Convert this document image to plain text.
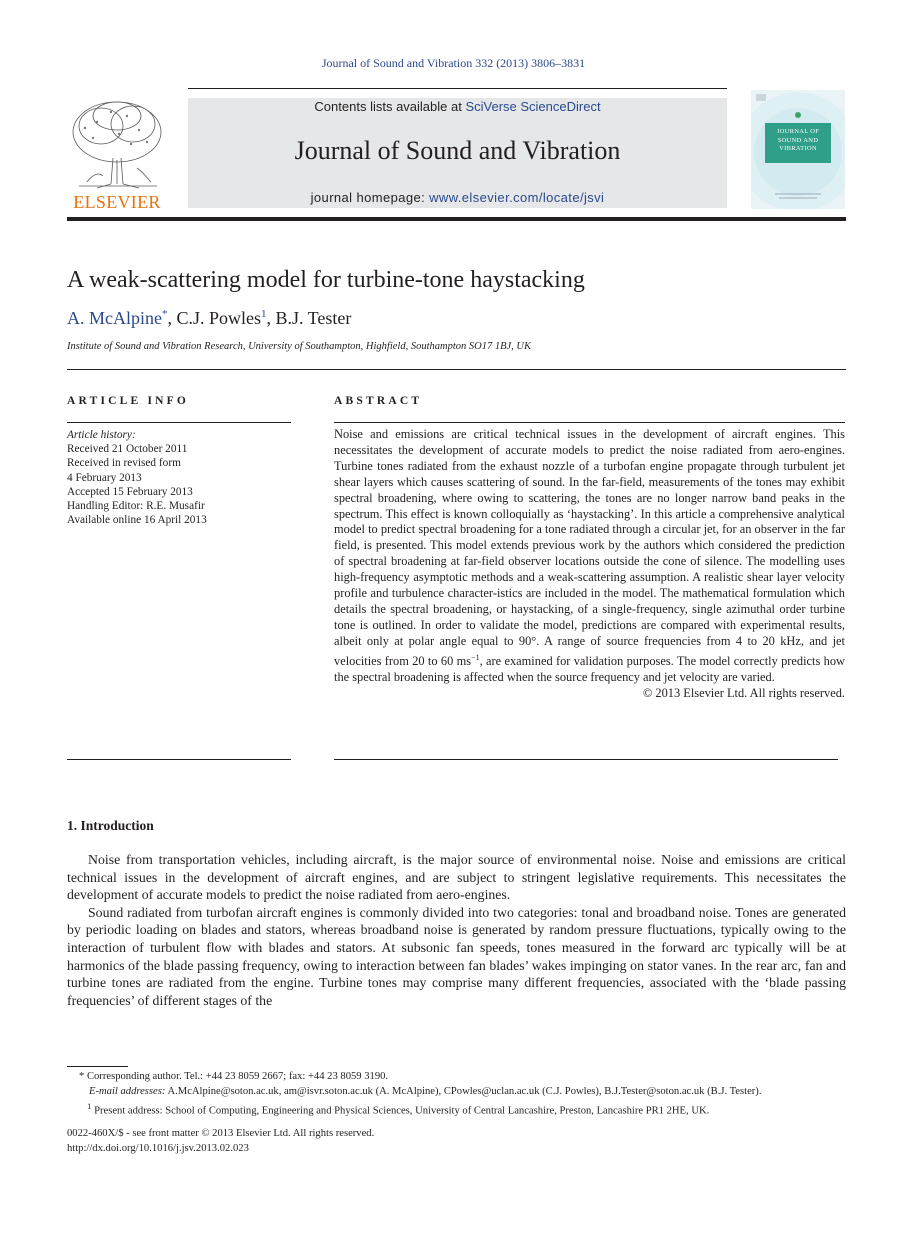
Journal of Sound and Vibration 332 (2013) 3806–3831
ELSEVIER
Contents lists available at SciVerse ScienceDirect
Journal of Sound and Vibration
journal homepage: www.elsevier.com/locate/jsvi
JOURNAL OF
SOUND AND
VIBRATION
A weak-scattering model for turbine-tone haystacking
A. McAlpine*, C.J. Powles$^1$, B.J. Tester
Institute of Sound and Vibration Research, University of Southampton, Highfield, Southampton SO17 1BJ, UK
ARTICLE INFO
Article history:
Received 21 October 2011
Received in revised form
4 February 2013
Accepted 15 February 2013
Handling Editor: R.E. Musafir
Available online 16 April 2013
ABSTRACT
Noise and emissions are critical technical issues in the development of aircraft engines. This necessitates the development of accurate models to predict the noise radiated from aero-engines. Turbine tones radiated from the exhaust nozzle of a turbofan engine propagate through turbulent jet shear layers which causes scattering of sound. In the far-field, measurements of the tones may exhibit spectral broadening, where owing to scattering, the tones are no longer narrow band peaks in the spectrum. This effect is known colloquially as ‘haystacking’. In this article a comprehensive analytical model to predict spectral broadening for a tone radiated through a circular jet, for an observer in the far field, is presented. This model extends previous work by the authors which considered the prediction of spectral broadening at far-field observer locations outside the cone of silence. The modelling uses high-frequency asymptotic methods and a weak-scattering assumption. A realistic shear layer velocity profile and turbulence character-istics are included in the model. The mathematical formulation which details the spectral broadening, or haystacking, of a single-frequency, single azimuthal order turbine tone is outlined. In order to validate the model, predictions are compared with experimental results, albeit only at polar angle equal to 90°. A range of source frequencies from 4 to 20 kHz, and jet velocities from 20 to 60 $ms^{-1}$, are examined for validation purposes. The model correctly predicts how the spectral broadening is affected when the source frequency and jet velocity are varied.
© 2013 Elsevier Ltd. All rights reserved.
1. Introduction

Noise from transportation vehicles, including aircraft, is the major source of environmental noise. Noise and emissions are critical technical issues in the development of aircraft engines, and are subject to stringent legislative requirements. This necessitates the development of accurate models to predict the noise radiated from aero-engines.

Sound radiated from turbofan aircraft engines is commonly divided into two categories: tonal and broadband noise. Tones are generated by periodic loading on blades and stators, whereas broadband noise is generated by random pressure fluctuations, typically owing to the interaction of turbulent flow with blades and stators. At subsonic fan speeds, tones measured in the forward arc typically will be at harmonics of the blade passing frequency, owing to interaction between fan blades’ wakes impinging on stator vanes. In the rear arc, fan and turbine tones are radiated from the engine. Turbine tones may comprise many different frequencies, associated with the ‘blade passing frequencies’ of different stages of the

* Corresponding author. Tel.: +44 23 8059 2667; fax: +44 23 8059 3190.
E-mail addresses: A.McAlpine@soton.ac.uk, am@isvr.soton.ac.uk (A. McAlpine), CPowles@uclan.ac.uk (C.J. Powles), B.J.Tester@soton.ac.uk (B.J. Tester).
$^1$ Present address: School of Computing, Engineering and Physical Sciences, University of Central Lancashire, Preston, Lancashire PR1 2HE, UK.
0022-460X/$ - see front matter © 2013 Elsevier Ltd. All rights reserved.
http://dx.doi.org/10.1016/j.jsv.2013.02.023
